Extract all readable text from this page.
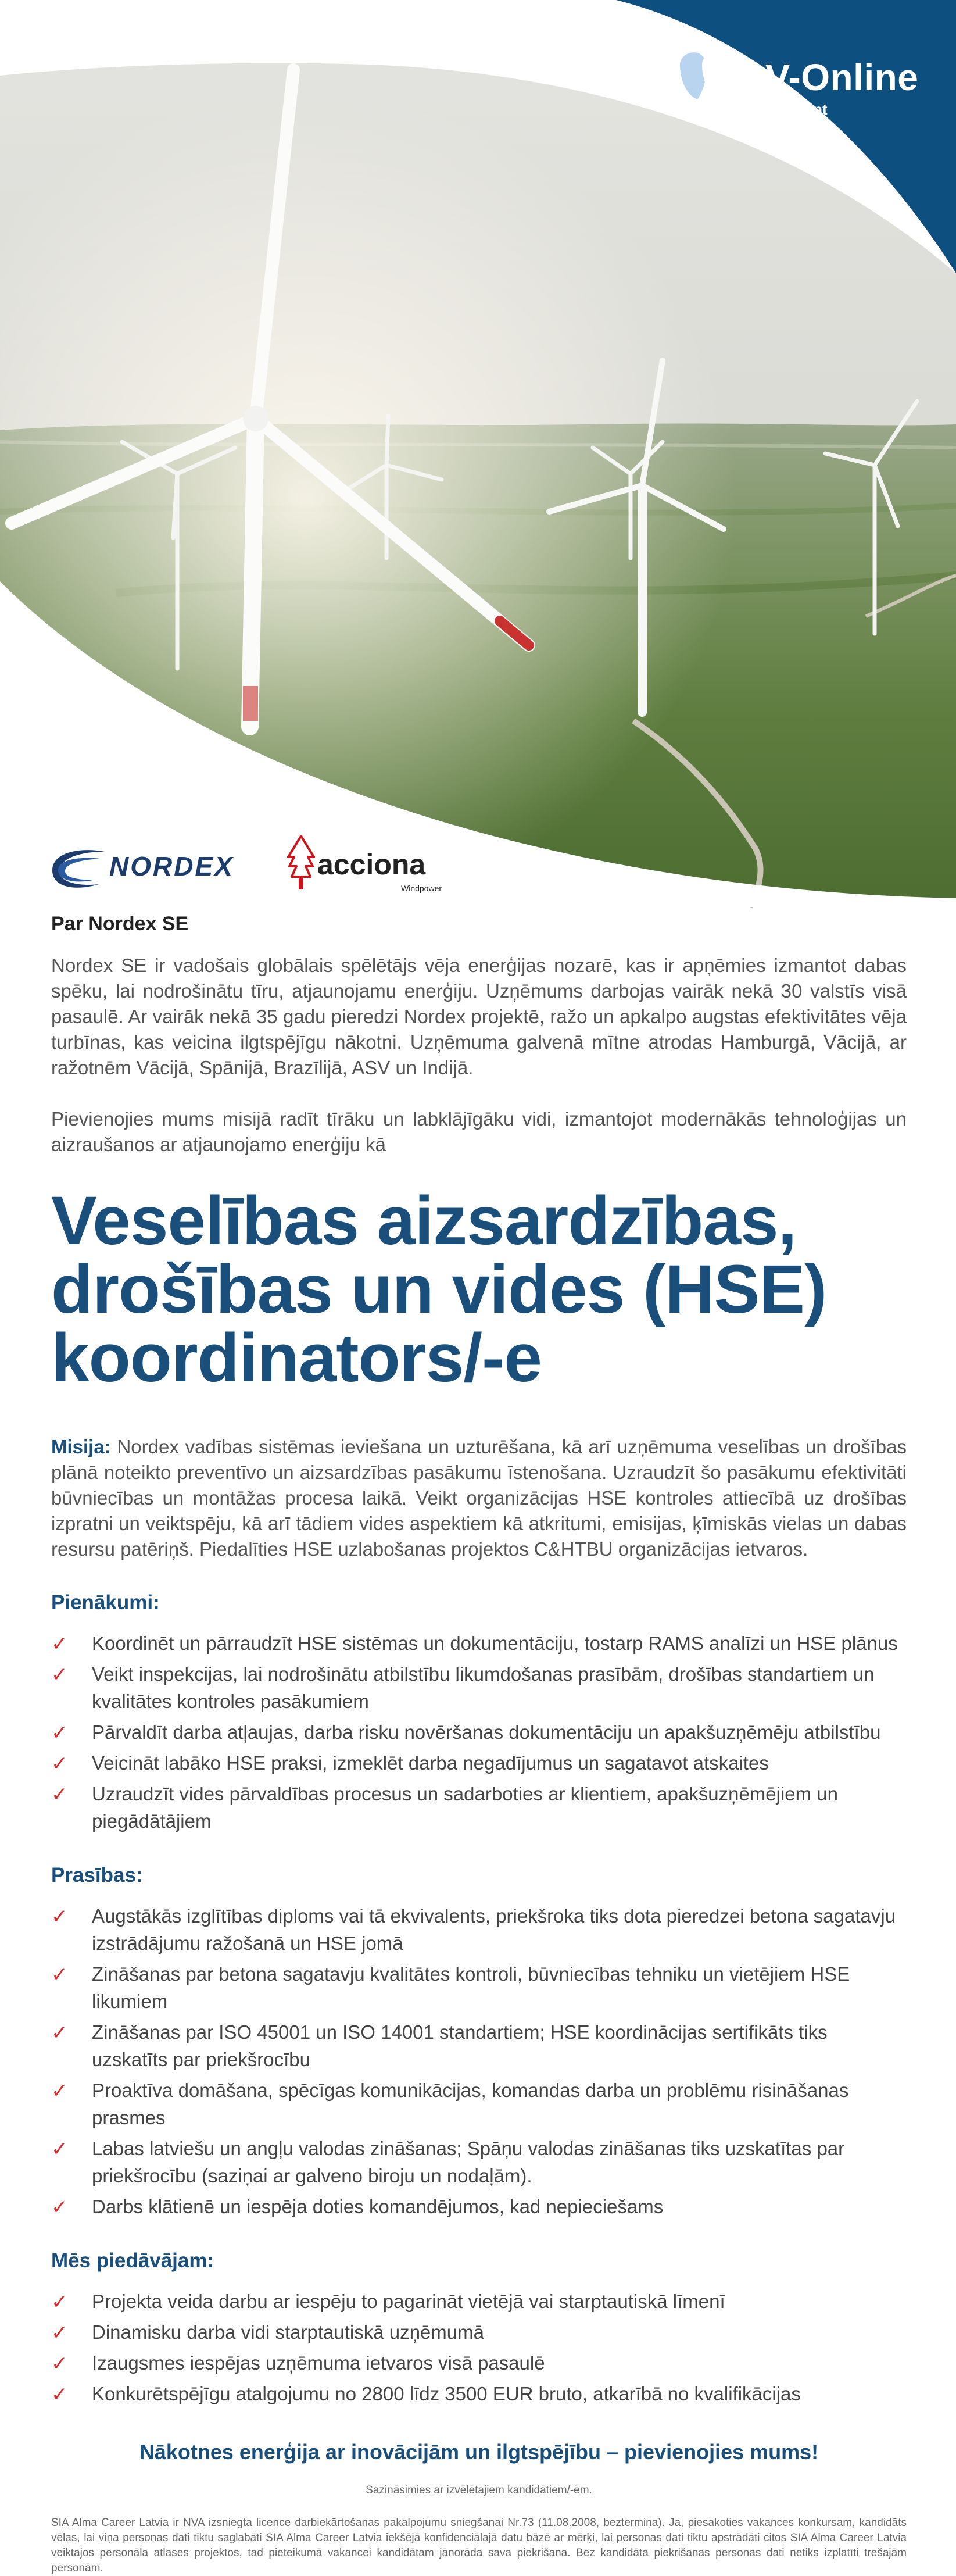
CV-Online
Recruitment
NORDEX	acciona
Windpower
Par Nordex SE

Nordex SE ir vadošais globālais spēlētājs vēja enerģijas nozarē, kas ir apņēmies izmantot dabas spēku, lai nodrošinātu tīru, atjaunojamu enerģiju. Uzņēmums darbojas vairāk nekā 30 valstīs visā pasaulē. Ar vairāk nekā 35 gadu pieredzi Nordex projektē, ražo un apkalpo augstas efektivitātes vēja turbīnas, kas veicina ilgtspējīgu nākotni. Uzņēmuma galvenā mītne atrodas Hamburgā, Vācijā, ar ražotnēm Vācijā, Spānijā, Brazīlijā, ASV un Indijā.

Pievienojies mums misijā radīt tīrāku un labklājīgāku vidi, izmantojot modernākās tehnoloģijas un aizraušanos ar atjaunojamo enerģiju kā

Veselības aizsardzības,
drošības un vides (HSE)
koordinators/-e

Misija: Nordex vadības sistēmas ieviešana un uzturēšana, kā arī uzņēmuma veselības un drošības plānā noteikto preventīvo un aizsardzības pasākumu īstenošana. Uzraudzīt šo pasākumu efektivitāti būvniecības un montāžas procesa laikā. Veikt organizācijas HSE kontroles attiecībā uz drošības izpratni un veiktspēju, kā arī tādiem vides aspektiem kā atkritumi, emisijas, ķīmiskās vielas un dabas resursu patēriņš. Piedalīties HSE uzlabošanas projektos C&HTBU organizācijas ietvaros.

Pienākumi:
✓ Koordinēt un pārraudzīt HSE sistēmas un dokumentāciju, tostarp RAMS analīzi un HSE plānus
✓ Veikt inspekcijas, lai nodrošinātu atbilstību likumdošanas prasībām, drošības standartiem un kvalitātes kontroles pasākumiem
✓ Pārvaldīt darba atļaujas, darba risku novēršanas dokumentāciju un apakšuzņēmēju atbilstību
✓ Veicināt labāko HSE praksi, izmeklēt darba negadījumus un sagatavot atskaites
✓ Uzraudzīt vides pārvaldības procesus un sadarboties ar klientiem, apakšuzņēmējiem un piegādātājiem
Prasības:
✓ Augstākās izglītības diploms vai tā ekvivalents, priekšroka tiks dota pieredzei betona sagatavju izstrādājumu ražošanā un HSE jomā
✓ Zināšanas par betona sagatavju kvalitātes kontroli, būvniecības tehniku un vietējiem HSE likumiem
✓ Zināšanas par ISO 45001 un ISO 14001 standartiem; HSE koordinācijas sertifikāts tiks uzskatīts par priekšrocību
✓ Proaktīva domāšana, spēcīgas komunikācijas, komandas darba un problēmu risināšanas prasmes
✓ Labas latviešu un angļu valodas zināšanas; Spāņu valodas zināšanas tiks uzskatītas par priekšrocību (saziņai ar galveno biroju un nodaļām).
✓ Darbs klātienē un iespēja doties komandējumos, kad nepieciešams
Mēs piedāvājam:
✓ Projekta veida darbu ar iespēju to pagarināt vietējā vai starptautiskā līmenī
✓ Dinamisku darba vidi starptautiskā uzņēmumā
✓ Izaugsmes iespējas uzņēmuma ietvaros visā pasaulē
✓ Konkurētspējīgu atalgojumu no 2800 līdz 3500 EUR bruto, atkarībā no kvalifikācijas
Nākotnes enerģija ar inovācijām un ilgtspējību – pievienojies mums!
Sazināsimies ar izvēlētajiem kandidātiem/-ēm.

SIA Alma Career Latvia ir NVA izsniegta licence darbiekārtošanas pakalpojumu sniegšanai Nr.73 (11.08.2008, beztermiņa). Ja, piesakoties vakances konkursam, kandidāts vēlas, lai viņa personas dati tiktu saglabāti SIA Alma Career Latvia iekšējā konfidenciālajā datu bāzē ar mērķi, lai personas dati tiktu apstrādāti citos SIA Alma Career Latvia veiktajos personāla atlases projektos, tad pieteikumā vakancei kandidātam jānorāda sava piekrišana. Bez kandidāta piekrišanas personas dati netiks izplatīti trešajām personām.
